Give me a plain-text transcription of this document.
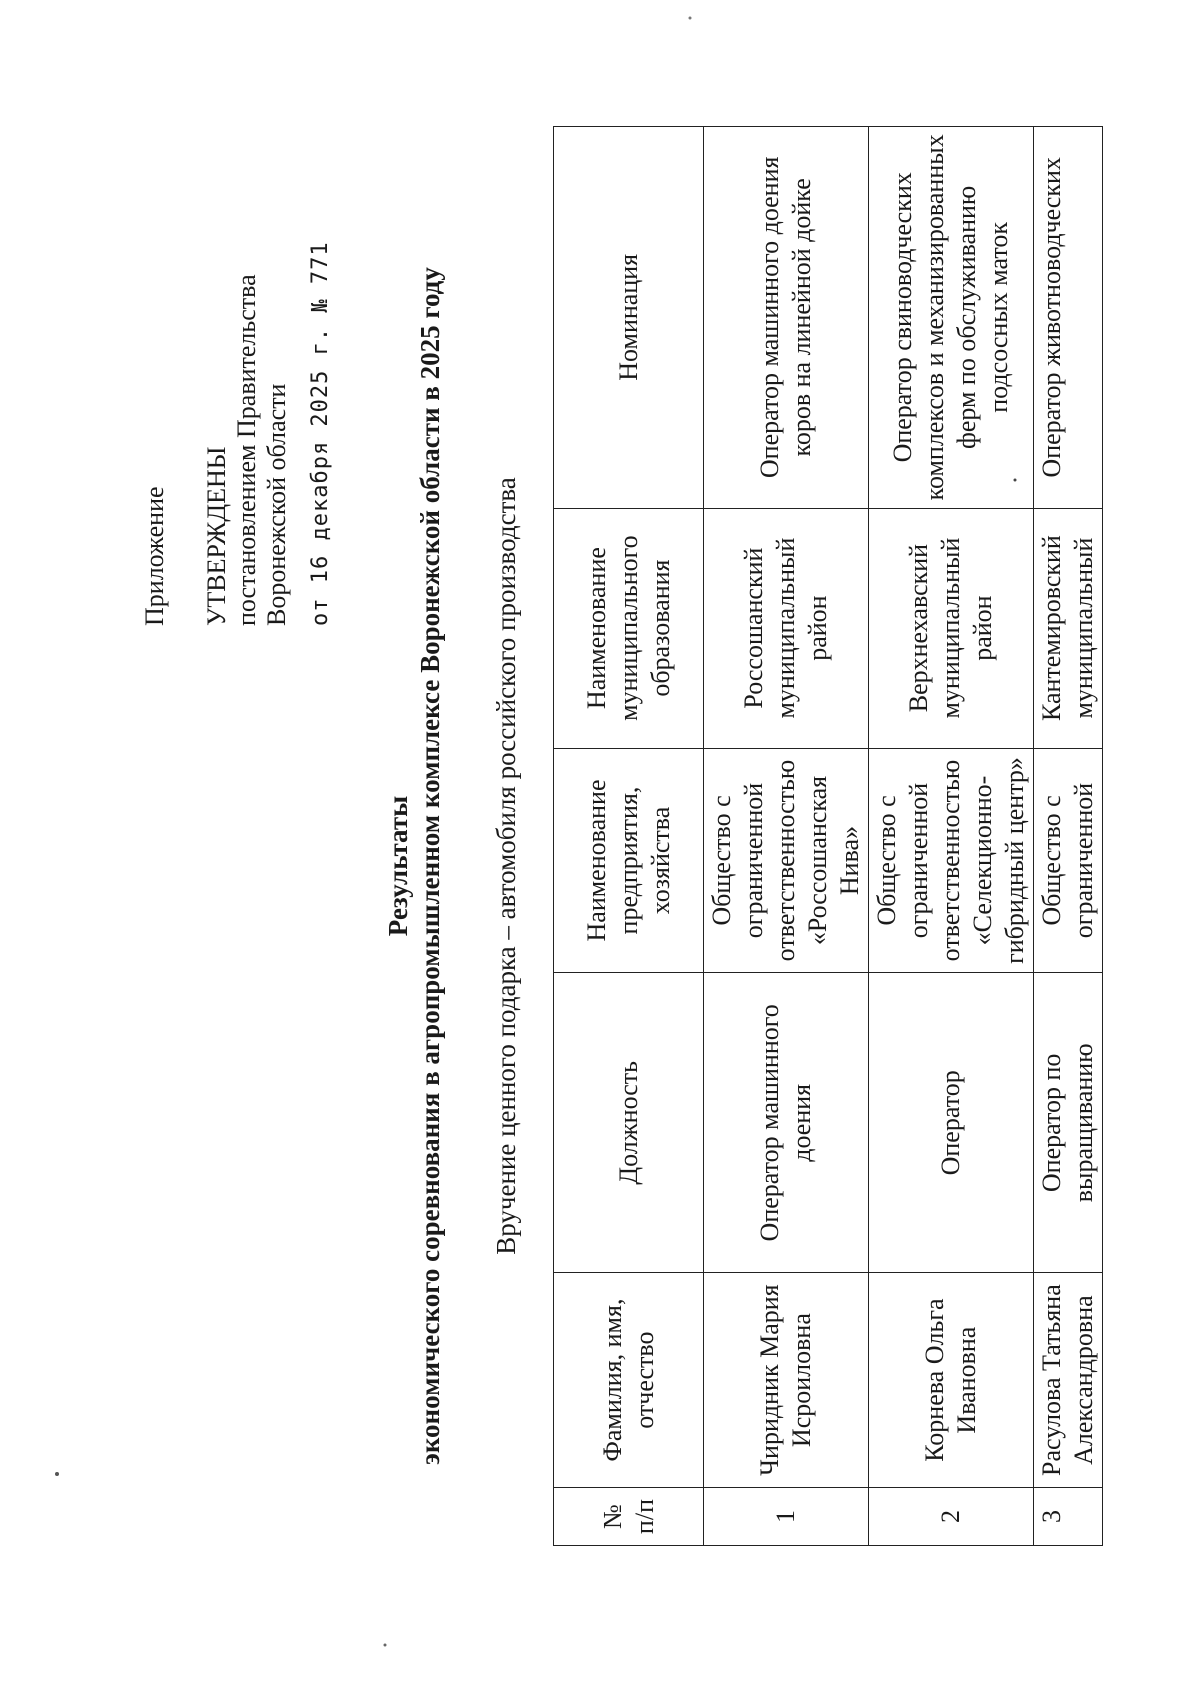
Приложение УТВЕРЖДЕНЫ постановлением Правительства Воронежской области от 16 декабря 2025 г. № 771
Результаты экономического соревнования в агропромышленном комплексе Воронежской области в 2025 году Вручение ценного подарка – автомобиля российского производства
№ п/п	Фамилия, имя, отчество	Должность	Наименование предприятия, хозяйства	Наименование муниципального образования	Номинация
1	Чиридник Мария Исроиловна	Оператор машинного доения	Общество с ограниченной ответственностью «Россошанская Нива»	Россошанский муниципальный район	Оператор машинного доения коров на линейной дойке
2	Корнева Ольга Ивановна	Оператор	Общество с ограниченной ответственностью «Селекционно-гибридный центр»	Верхнехавский муниципальный район	Оператор свиноводческих комплексов и механизированных ферм по обслуживанию подсосных маток
3	Расулова Татьяна Александровна	Оператор по выращиванию	Общество с ограниченной	Кантемировский муниципальный	Оператор животноводческих
